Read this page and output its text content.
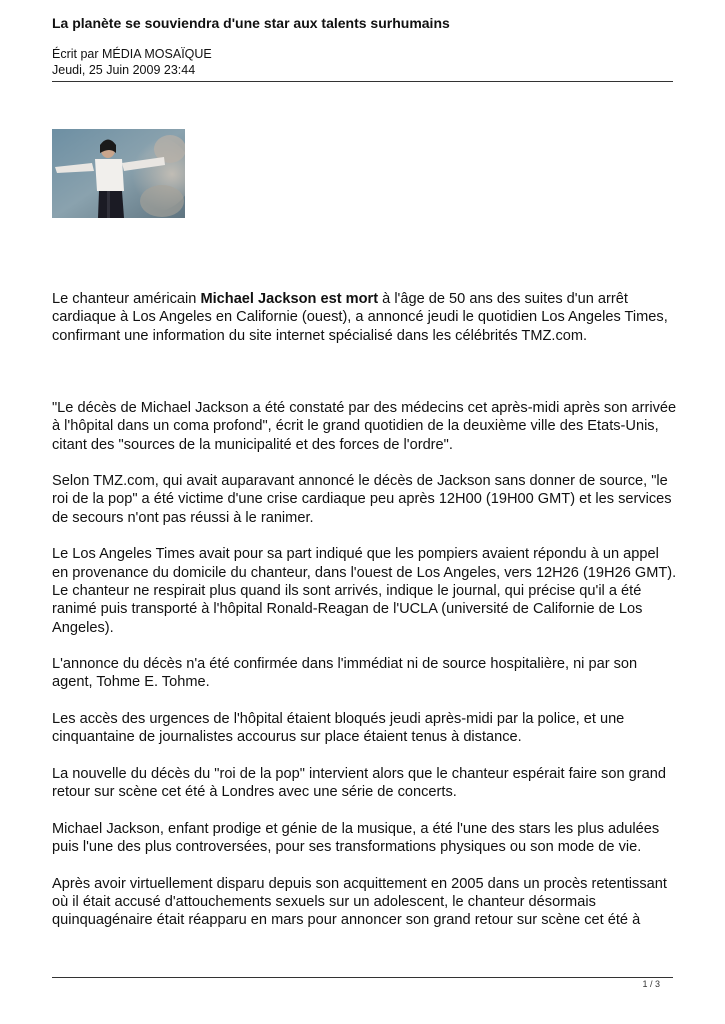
La planète se souviendra d'une star aux talents surhumains
Écrit par MÉDIA MOSAÏQUE
Jeudi, 25 Juin 2009 23:44
Le chanteur américain Michael Jackson est mort à l'âge de 50 ans des suites d'un arrêt cardiaque à Los Angeles en Californie (ouest), a annoncé jeudi le quotidien Los Angeles Times, confirmant une information du site internet spécialisé dans les célébrités TMZ.com.

"Le décès de Michael Jackson a été constaté par des médecins cet après-midi après son arrivée à l'hôpital dans un coma profond", écrit le grand quotidien de la deuxième ville des Etats-Unis, citant des "sources de la municipalité et des forces de l'ordre".

Selon TMZ.com, qui avait auparavant annoncé le décès de Jackson sans donner de source, "le roi de la pop" a été victime d'une crise cardiaque peu après 12H00 (19H00 GMT) et les services de secours n'ont pas réussi à le ranimer.

Le Los Angeles Times avait pour sa part indiqué que les pompiers avaient répondu à un appel en provenance du domicile du chanteur, dans l'ouest de Los Angeles, vers 12H26 (19H26 GMT). Le chanteur ne respirait plus quand ils sont arrivés, indique le journal, qui précise qu'il a été ranimé puis transporté à l'hôpital Ronald-Reagan de l'UCLA (université de Californie de Los Angeles).

L'annonce du décès n'a été confirmée dans l'immédiat ni de source hospitalière, ni par son agent, Tohme E. Tohme.

Les accès des urgences de l'hôpital étaient bloqués jeudi après-midi par la police, et une cinquantaine de journalistes accourus sur place étaient tenus à distance.

La nouvelle du décès du "roi de la pop" intervient alors que le chanteur espérait faire son grand retour sur scène cet été à Londres avec une série de concerts.

Michael Jackson, enfant prodige et génie de la musique, a été l'une des stars les plus adulées puis l'une des plus controversées, pour ses transformations physiques ou son mode de vie.

Après avoir virtuellement disparu depuis son acquittement en 2005 dans un procès retentissant où il était accusé d'attouchements sexuels sur un adolescent, le chanteur désormais quinquagénaire était réapparu en mars pour annoncer son grand retour sur scène cet été à

1 / 3
